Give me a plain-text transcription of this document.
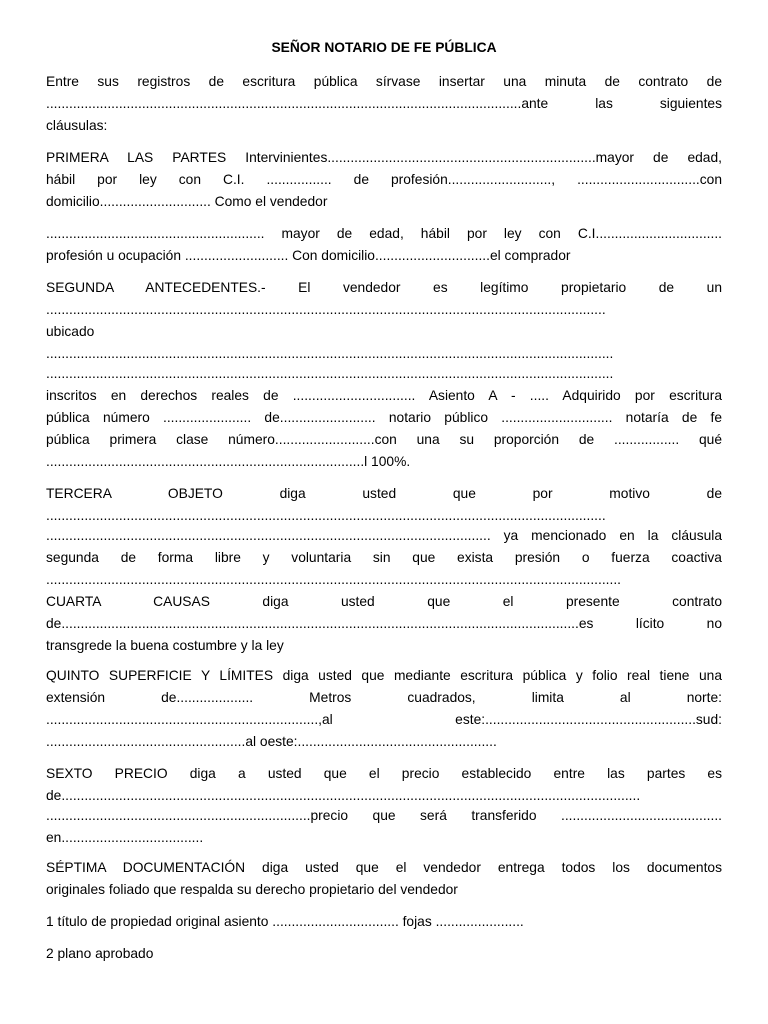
SEÑOR NOTARIO DE FE PÚBLICA
Entre sus registros de escritura pública sírvase insertar una minuta de contrato de
............................................................................................................................ante las siguientes
cláusulas:
PRIMERA LAS PARTES Intervinientes......................................................................mayor de edad,
hábil por ley con C.I. ................. de profesión..........................., ................................con
domicilio............................. Como el vendedor
......................................................... mayor de edad, hábil por ley con C.I.................................
profesión u ocupación ........................... Con domicilio..............................el comprador
SEGUNDA ANTECEDENTES.- El vendedor es legítimo propietario de un
..................................................................................................................................................
ubicado
....................................................................................................................................................
....................................................................................................................................................
inscritos en derechos reales de ................................ Asiento A - ..... Adquirido por escritura
pública número ....................... de......................... notario público ............................. notaría de fe
pública primera clase número..........................con una su proporción de ................. qué
...................................................................................l 100%.
TERCERA OBJETO diga usted que por motivo de
..................................................................................................................................................
.................................................................................................................... ya mencionado en la cláusula
segunda de forma libre y voluntaria sin que exista presión o fuerza coactiva
......................................................................................................................................................
CUARTA CAUSAS diga usted que el presente contrato
de.......................................................................................................................................es lícito no
transgrede la buena costumbre y la ley
QUINTO SUPERFICIE Y LÍMITES diga usted que mediante escritura pública y folio real tiene una
extensión de.................... Metros cuadrados, limita al norte:
.......................................................................,al este:.......................................................sud:
....................................................al oeste:....................................................
SEXTO PRECIO diga a usted que el precio establecido entre las partes es
de.......................................................................................................................................................
.....................................................................precio que será transferido ..........................................
en.....................................
SÉPTIMA DOCUMENTACIÓN diga usted que el vendedor entrega todos los documentos
originales foliado que respalda su derecho propietario del vendedor
1 título de propiedad original asiento ................................. fojas .......................
2 plano aprobado
